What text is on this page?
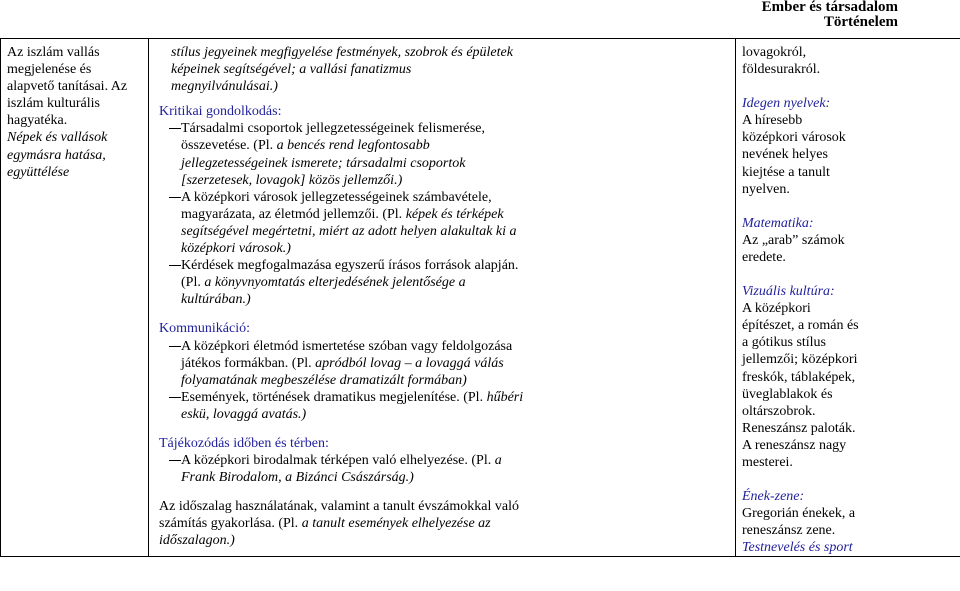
Ember és társadalom
Történelem
Az iszlám vallás
megjelenése és
alapvető tanításai. Az
iszlám kulturális
hagyatéka.
Népek és vallások
egymásra hatása,
együttélése

stílus jegyeinek megfigyelése festmények, szobrok és épületek
képeinek segítségével; a vallási fanatizmus
megnyilvánulásai.)
Kritikai gondolkodás:
Társadalmi csoportok jellegzetességeinek felismerése,
összevetése. (Pl. a bencés rend legfontosabb
jellegzetességeinek ismerete; társadalmi csoportok
[szerzetesek, lovagok] közös jellemzői.)
A középkori városok jellegzetességeinek számbavétele,
magyarázata, az életmód jellemzői. (Pl. képek és térképek
segítségével megértetni, miért az adott helyen alakultak ki a
középkori városok.)
Kérdések megfogalmazása egyszerű írásos források alapján.
(Pl. a könyvnyomtatás elterjedésének jelentősége a
kultúrában.)
Kommunikáció:
A középkori életmód ismertetése szóban vagy feldolgozása
játékos formákban. (Pl. apródból lovag – a lovaggá válás
folyamatának megbeszélése dramatizált formában)
Események, történések dramatikus megjelenítése. (Pl. hűbéri
eskü, lovaggá avatás.)
Tájékozódás időben és térben:
A középkori birodalmak térképen való elhelyezése. (Pl. a
Frank Birodalom, a Bizánci Császárság.)
Az időszalag használatának, valamint a tanult évszámokkal való
számítás gyakorlása. (Pl. a tanult események elhelyezése az
időszalagon.)

lovagokról,
földesurakról.
Idegen nyelvek:
A híresebb
középkori városok
nevének helyes
kiejtése a tanult
nyelven.
Matematika:
Az „arab” számok
eredete.
Vizuális kultúra:
A középkori
építészet, a román és
a gótikus stílus
jellemzői; középkori
freskók, táblaképek,
üveglablakok és
oltárszobrok.
Reneszánsz paloták.
A reneszánsz nagy
mesterei.
Ének-zene:
Gregorián énekek, a
reneszánsz zene.
Testnevelés és sport
